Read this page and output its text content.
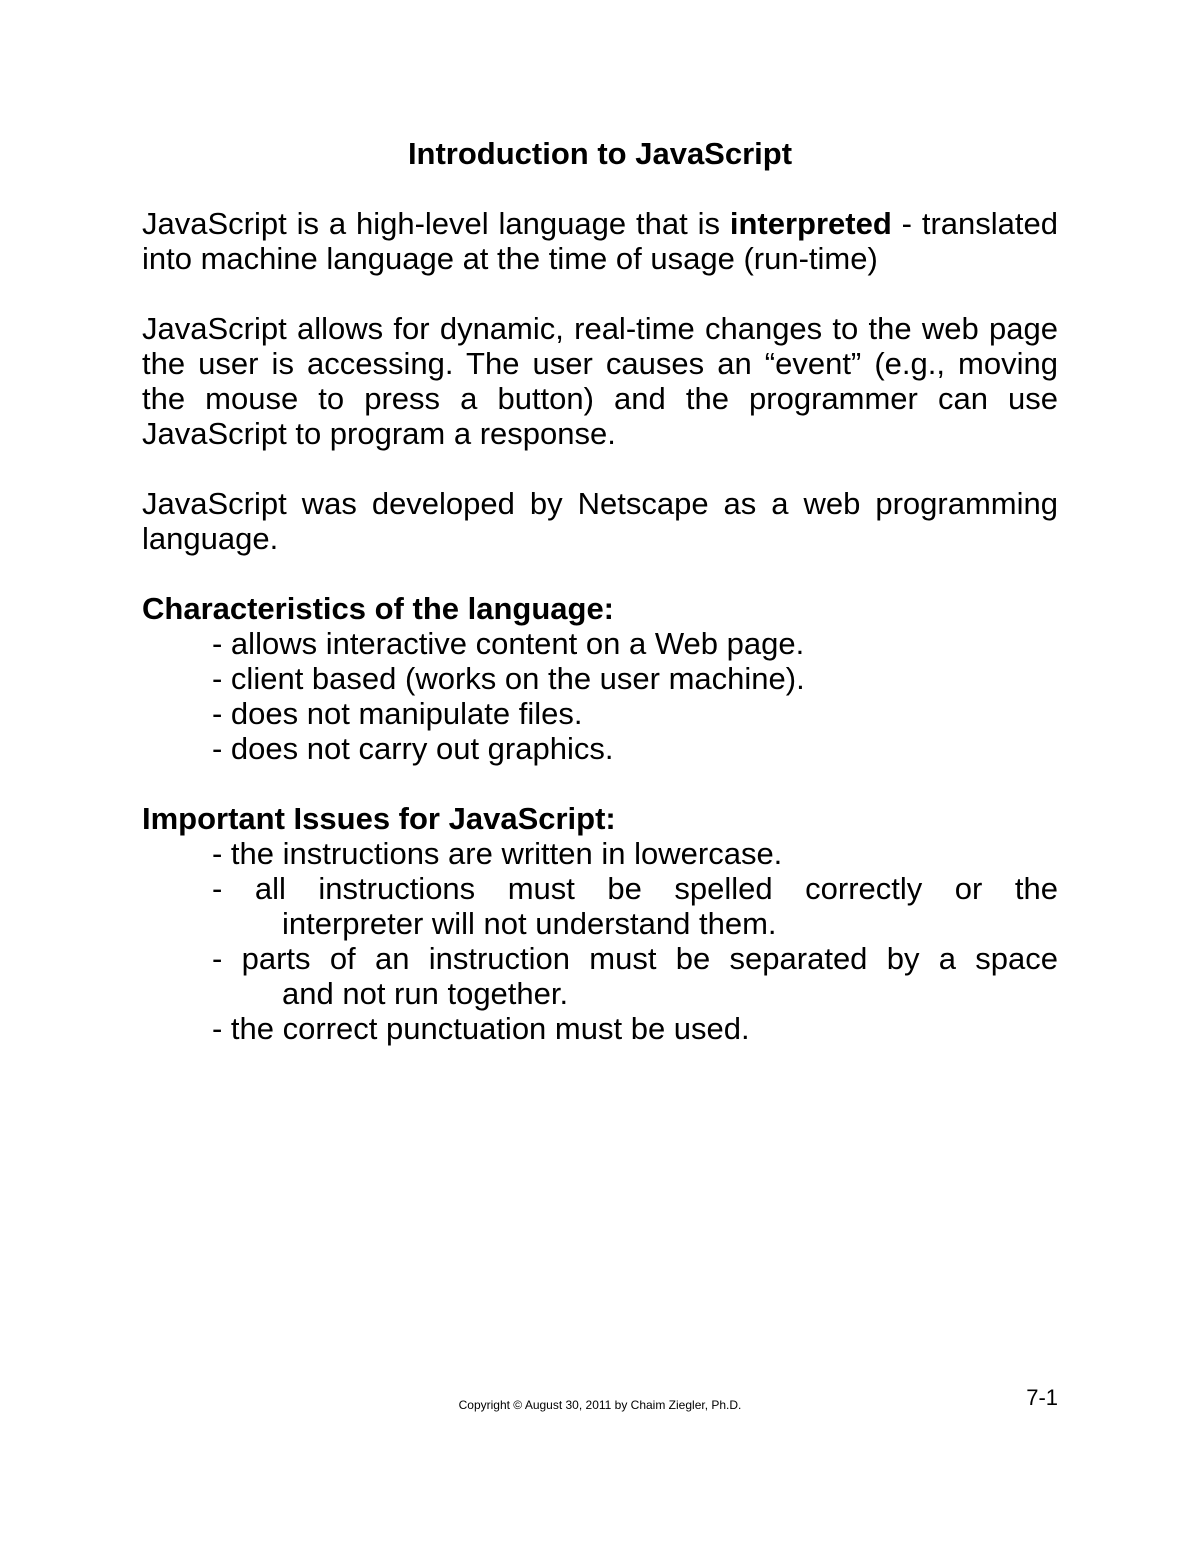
Introduction to JavaScript

JavaScript is a high-level language that is interpreted - translated into machine language at the time of usage (run-time)

JavaScript allows for dynamic, real-time changes to the web page the user is accessing. The user causes an “event” (e.g., moving the mouse to press a button) and the programmer can use JavaScript to program a response.

JavaScript was developed by Netscape as a web programming language.

Characteristics of the language:
- allows interactive content on a Web page.
- client based (works on the user machine).
- does not manipulate files.
- does not carry out graphics.
Important Issues for JavaScript:
- the instructions are written in lowercase.
- all instructions must be spelled correctly or the
interpreter will not understand them.
- parts of an instruction must be separated by a space
and not run together.
- the correct punctuation must be used.
Copyright © August 30, 2011 by Chaim Ziegler, Ph.D.	7-1
